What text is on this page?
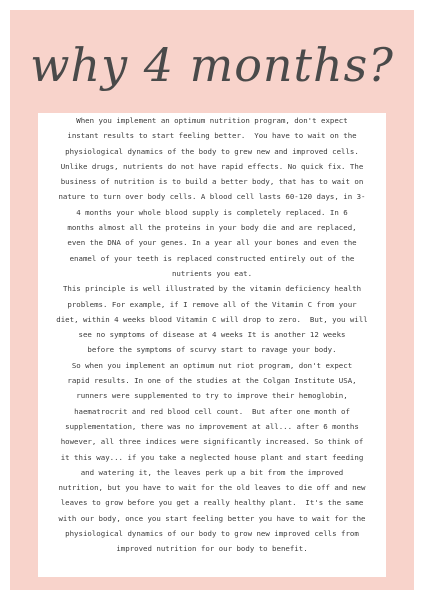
why 4 months?
When you implement an optimum nutrition program, don't expect
instant results to start feeling better.  You have to wait on the
physiological dynamics of the body to grew new and improved cells.
Unlike drugs, nutrients do not have rapid effects. No quick fix. The
business of nutrition is to build a better body, that has to wait on
nature to turn over body cells. A blood cell lasts 60-120 days, in 3-
4 months your whole blood supply is completely replaced. In 6
months almost all the proteins in your body die and are replaced,
even the DNA of your genes. In a year all your bones and even the
enamel of your teeth is replaced constructed entirely out of the
nutrients you eat.
This principle is well illustrated by the vitamin deficiency health
problems. For example, if I remove all of the Vitamin C from your
diet, within 4 weeks blood Vitamin C will drop to zero.  But, you will
see no symptoms of disease at 4 weeks It is another 12 weeks
before the symptoms of scurvy start to ravage your body.
So when you implement an optimum nut riot program, don't expect
rapid results. In one of the studies at the Colgan Institute USA,
runners were supplemented to try to improve their hemoglobin,
haematrocrit and red blood cell count.  But after one month of
supplementation, there was no improvement at all... after 6 months
however, all three indices were significantly increased. So think of
it this way... if you take a neglected house plant and start feeding
and watering it, the leaves perk up a bit from the improved
nutrition, but you have to wait for the old leaves to die off and new
leaves to grow before you get a really healthy plant.  It's the same
with our body, once you start feeling better you have to wait for the
physiological dynamics of our body to grow new improved cells from
improved nutrition for our body to benefit.
